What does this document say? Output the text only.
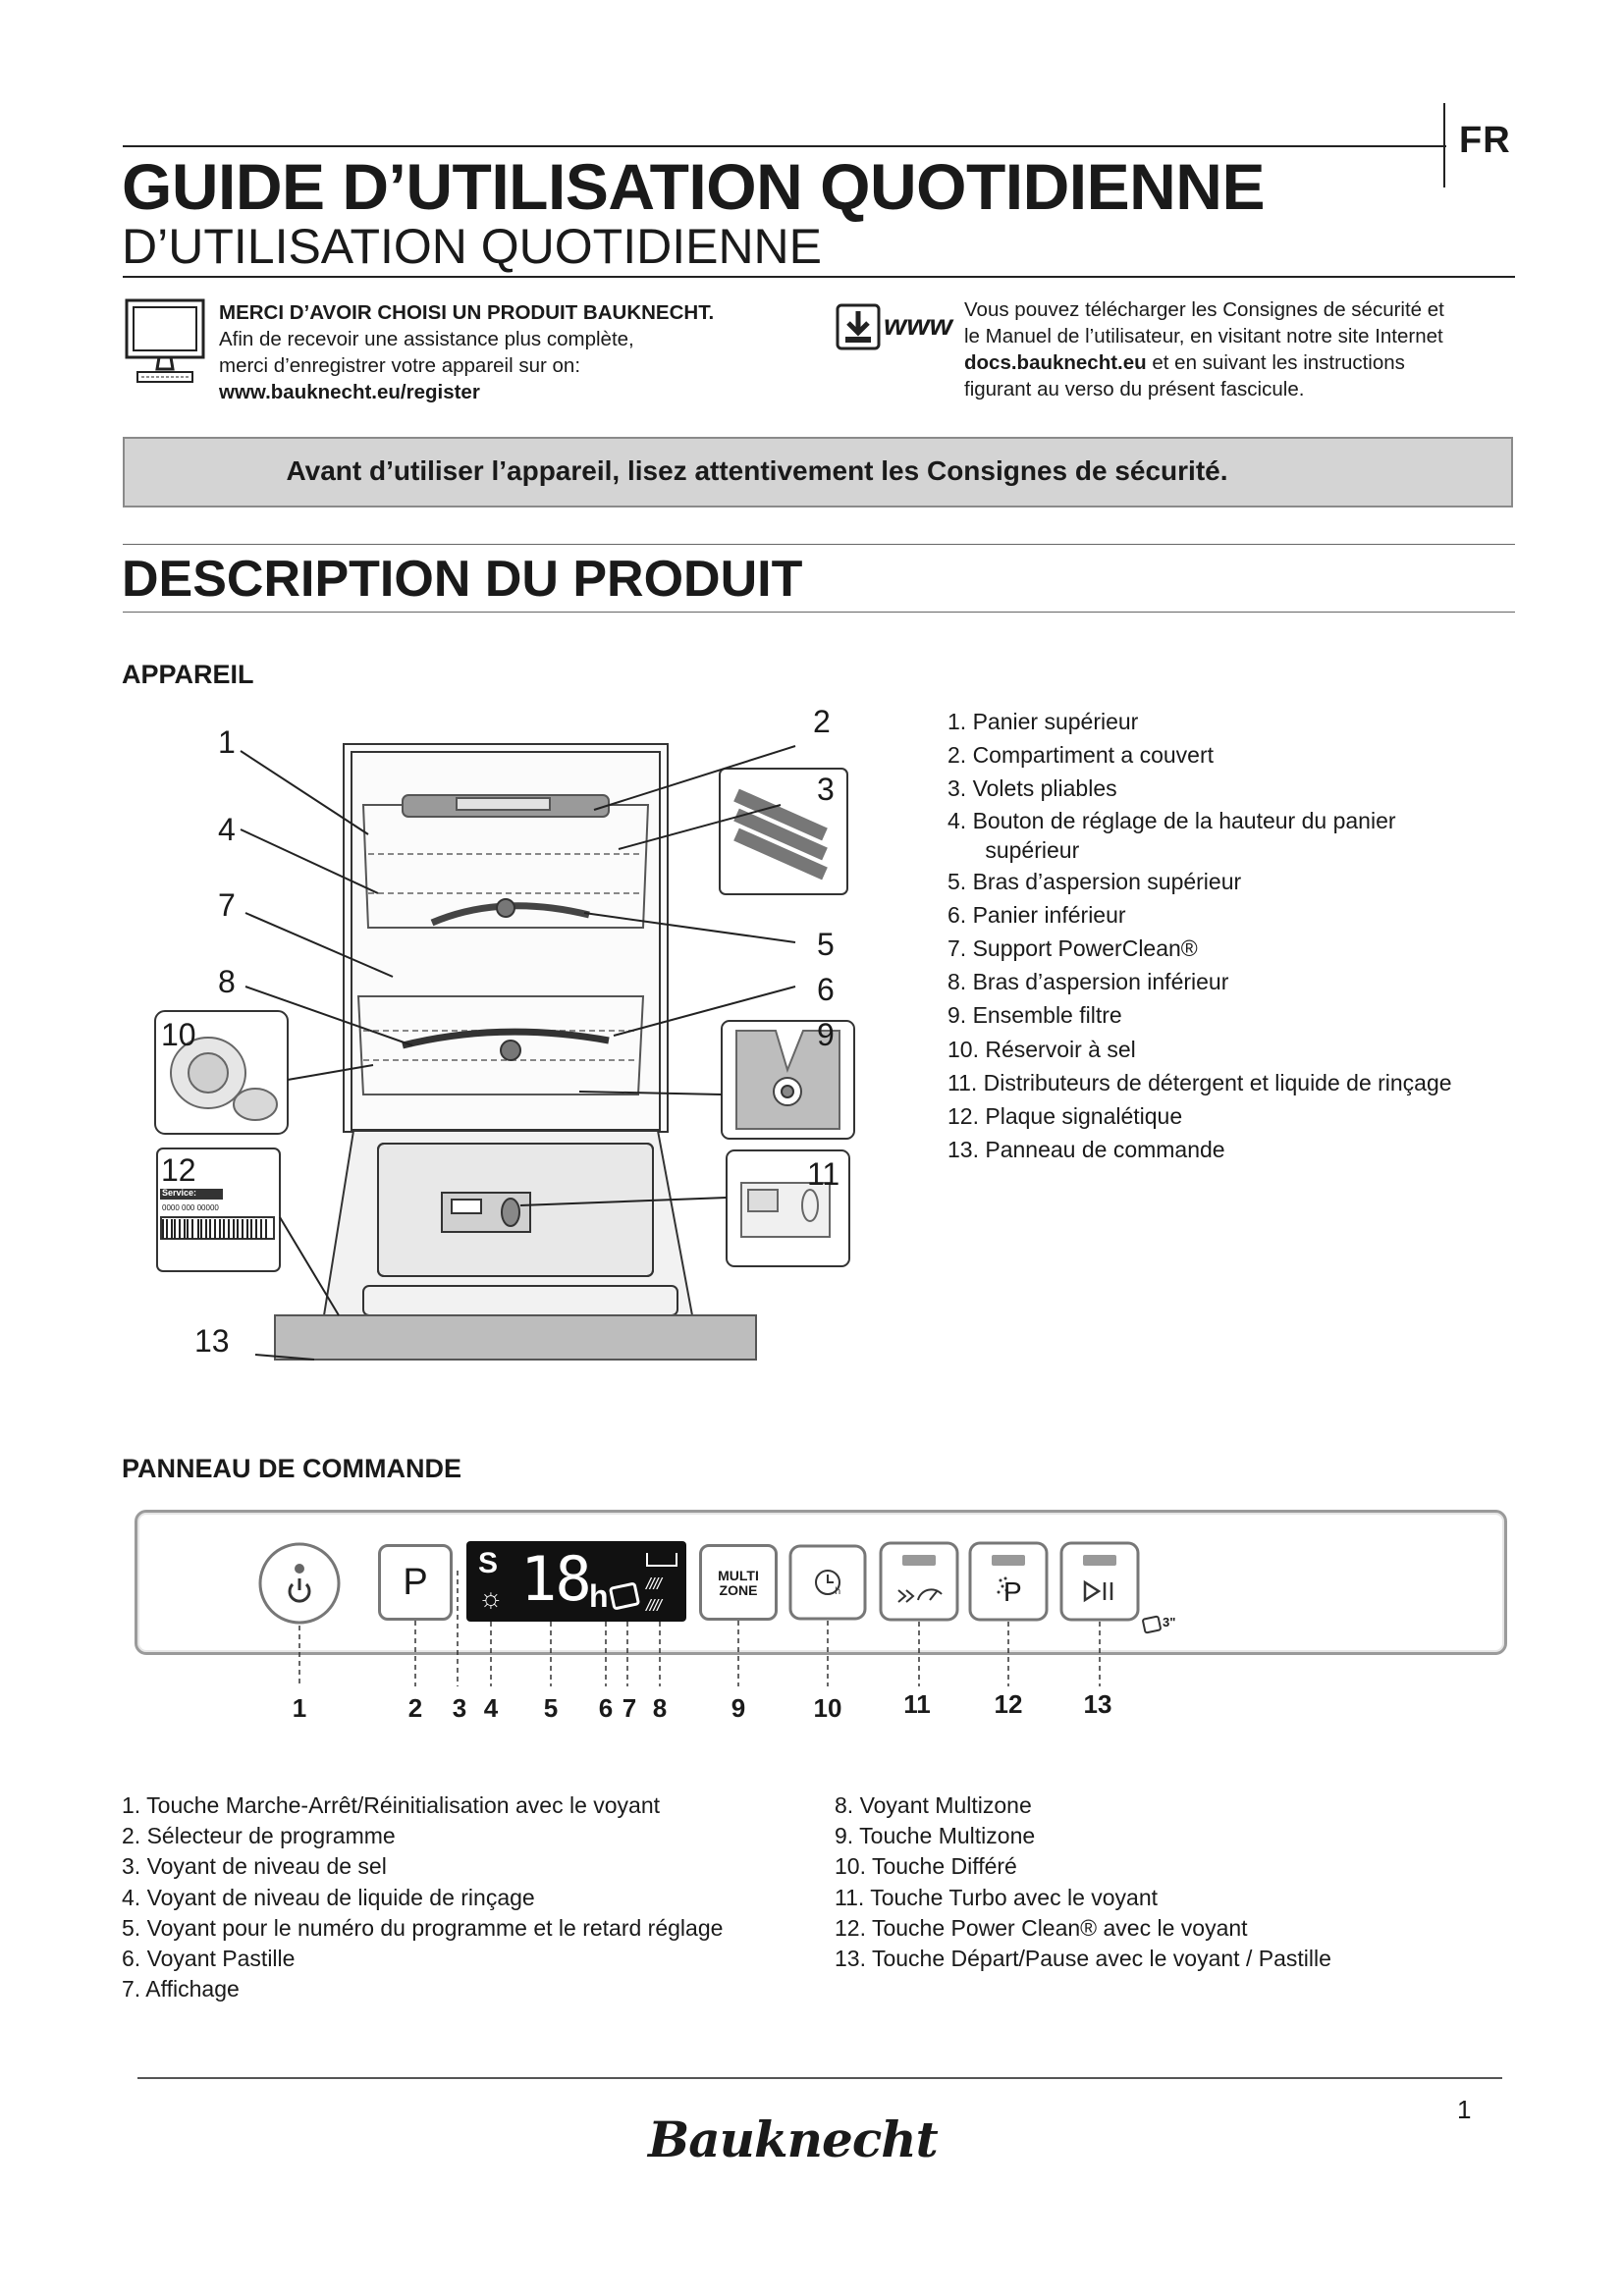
FR
GUIDE D’UTILISATION QUOTIDIENNE
D’UTILISATION QUOTIDIENNE
MERCI D’AVOIR CHOISI UN PRODUIT BAUKNECHT.
Afin de recevoir une assistance plus complète,
merci d’enregistrer votre appareil sur on:
www.bauknecht.eu/register
www Vous pouvez télécharger les Consignes de sécurité et
le Manuel de l’utilisateur, en visitant notre site Internet
docs.bauknecht.eu et en suivant les instructions
figurant au verso du présent fascicule.
Avant d’utiliser l’appareil, lisez attentivement les Consignes de sécurité.
DESCRIPTION DU PRODUIT
APPAREIL
Service:
0000 000 00000
1
2
3
4
5
7
6
8
9
10
11
12
13
1. Panier supérieur
2. Compartiment a couvert
3. Volets pliables
4. Bouton de réglage de la hauteur du panier
supérieur
5. Bras d’aspersion supérieur
6. Panier inférieur
7. Support PowerClean®
8. Bras d’aspersion inférieur
9. Ensemble filtre
10. Réservoir à sel
11. Distributeurs de détergent et liquide de rinçage
12. Plaque signalétique
13. Panneau de commande
PANNEAU DE COMMANDE
P	S
☼ 18 h ////
////
MULTI ZONE	h	P
3"
1	2	3 4	5	6 7 8	9	10 11 12 13
1. Touche Marche-Arrêt/Réinitialisation avec le voyant
2. Sélecteur de programme
3. Voyant de niveau de sel
4. Voyant de niveau de liquide de rinçage
5. Voyant pour le numéro du programme et le retard réglage
6. Voyant Pastille
7. Affichage
8. Voyant Multizone
9. Touche Multizone
10. Touche Différé
11. Touche Turbo avec le voyant
12. Touche Power Clean® avec le voyant
13. Touche Départ/Pause avec le voyant / Pastille
1
Bauknecht
